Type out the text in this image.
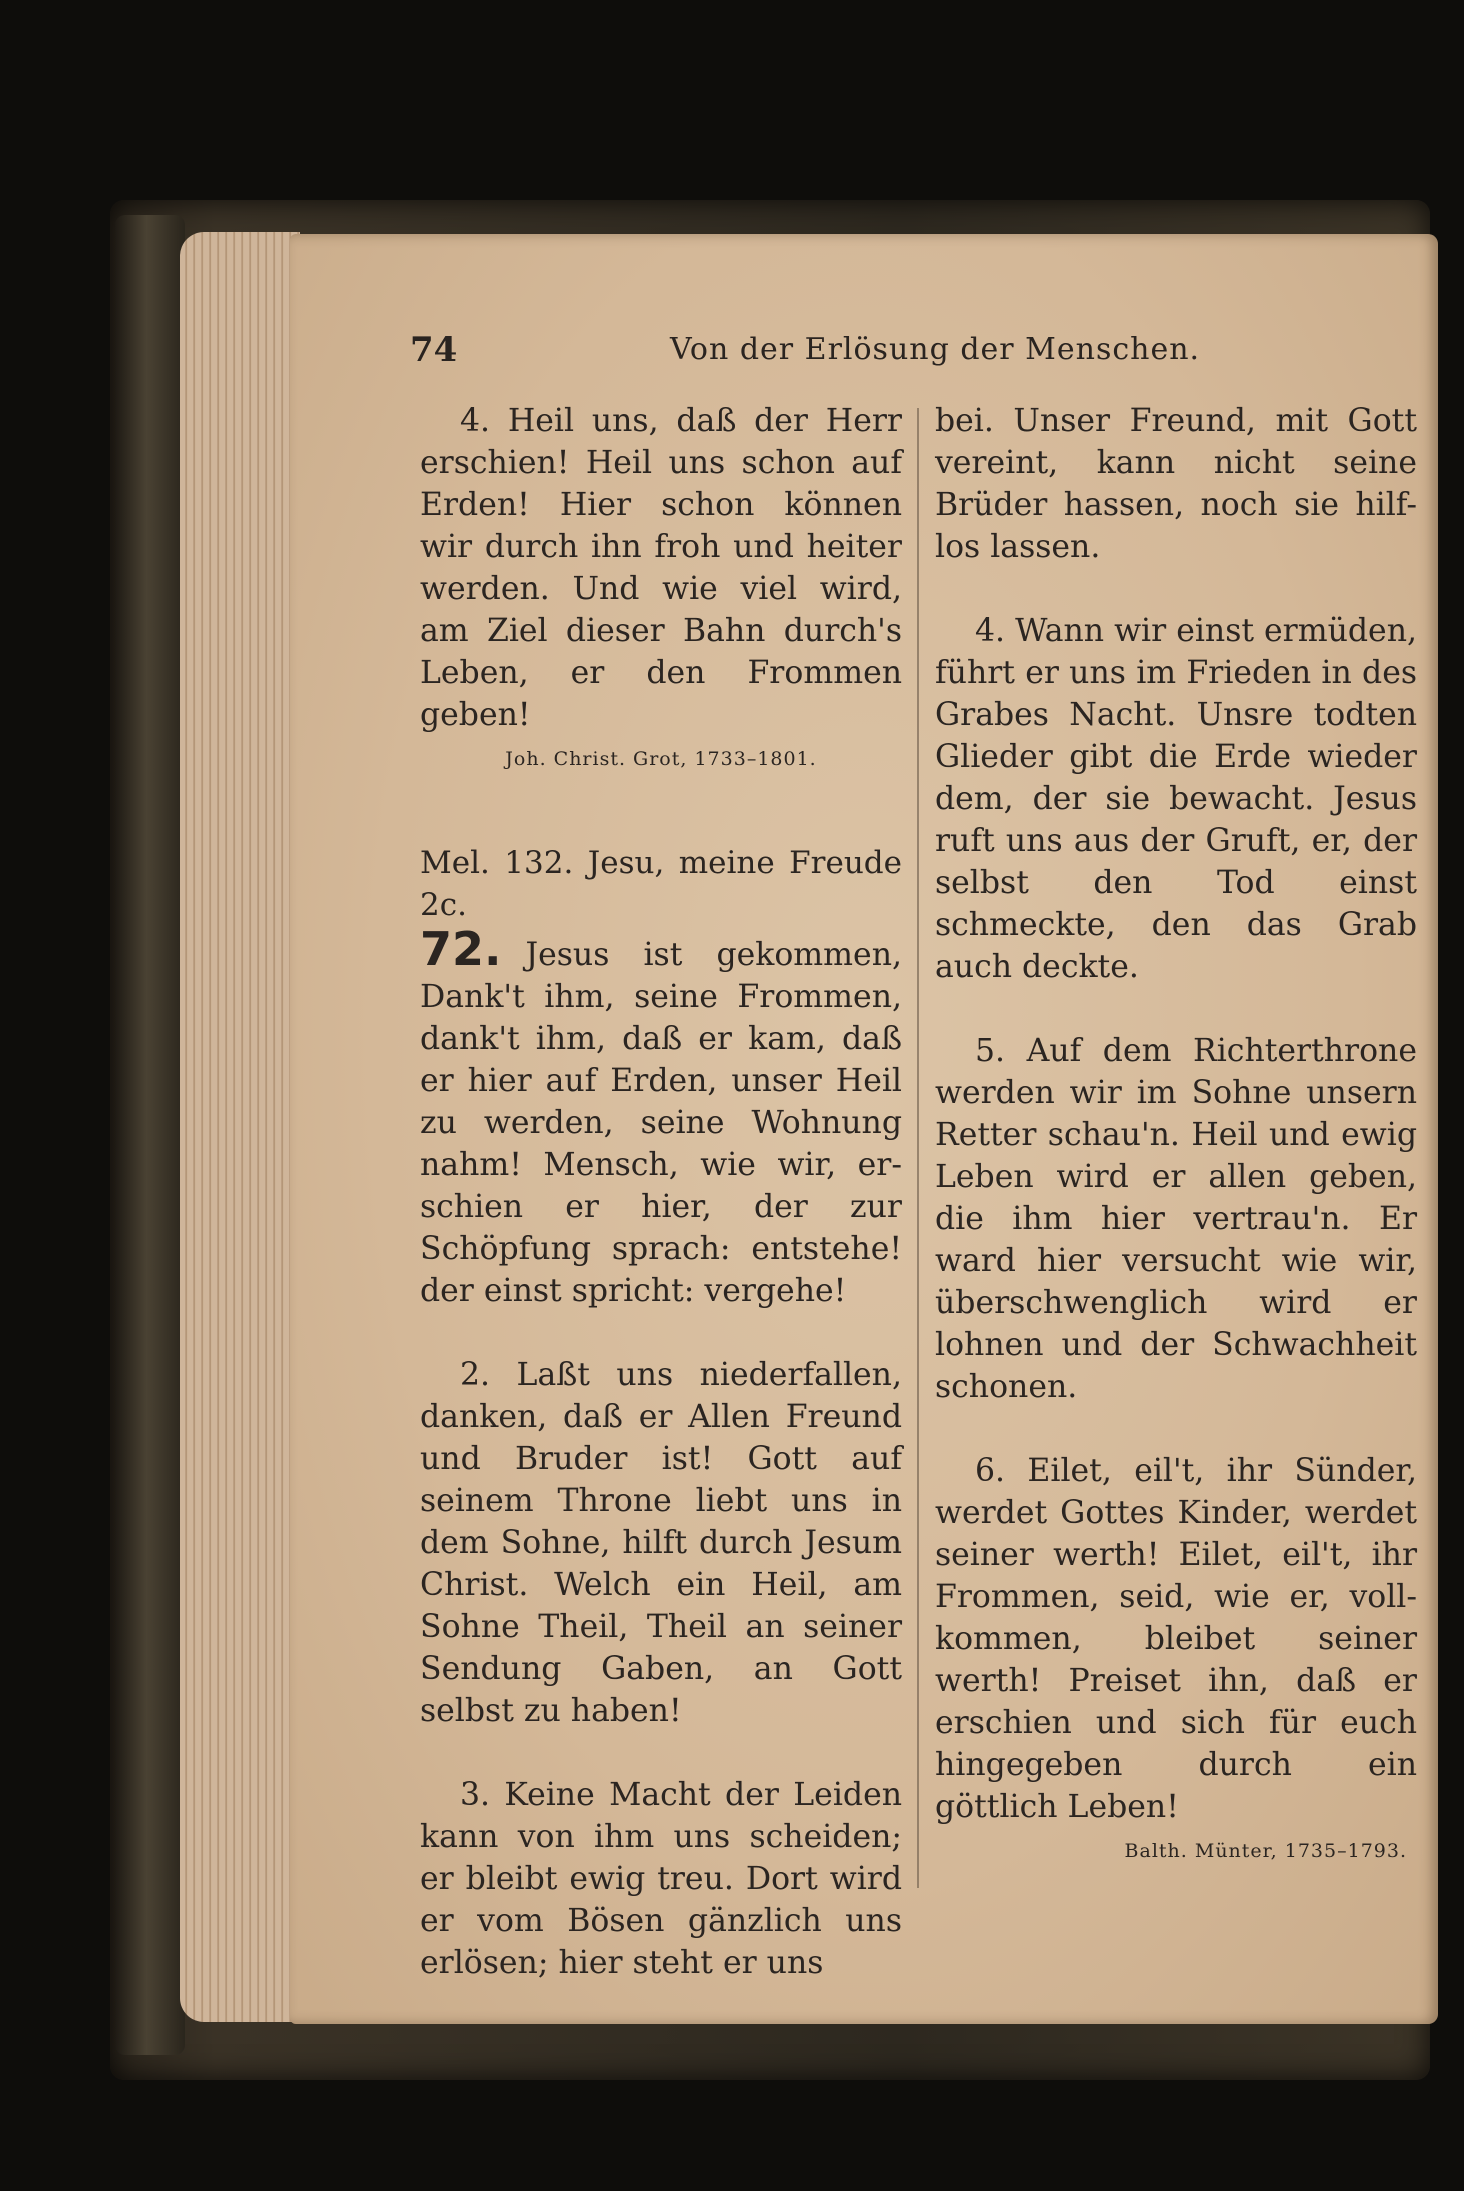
74	Von der Erlösung der Menschen.

4. Heil uns, daß der Herr erschien! Heil uns schon auf Erden! Hier schon können wir durch ihn froh und heiter werden. Und wie viel wird, am Ziel dieser Bahn durch's Leben, er den Frommen geben!

Joh. Christ. Grot, 1733–1801.

Mel. 132. Jesu, meine Freude 2c.

72. Jesus ist gekommen, Dank't ihm, seine Frommen, dank't ihm, daß er kam, daß er hier auf Erden, unser Heil zu werden, seine Wohnung nahm! Mensch, wie wir, er-schien er hier, der zur Schöpfung sprach: entstehe! der einst spricht: vergehe!

2. Laßt uns niederfallen, danken, daß er Allen Freund und Bruder ist! Gott auf seinem Throne liebt uns in dem Sohne, hilft durch Jesum Christ. Welch ein Heil, am Sohne Theil, Theil an seiner Sendung Gaben, an Gott selbst zu haben!

3. Keine Macht der Leiden kann von ihm uns scheiden; er bleibt ewig treu. Dort wird er vom Bösen gänzlich uns erlösen; hier steht er uns

bei. Unser Freund, mit Gott vereint, kann nicht seine Brüder hassen, noch sie hilf-los lassen.

4. Wann wir einst ermüden, führt er uns im Frieden in des Grabes Nacht. Unsre todten Glieder gibt die Erde wieder dem, der sie bewacht. Jesus ruft uns aus der Gruft, er, der selbst den Tod einst schmeckte, den das Grab auch deckte.

5. Auf dem Richterthrone werden wir im Sohne unsern Retter schau'n. Heil und ewig Leben wird er allen geben, die ihm hier vertrau'n. Er ward hier versucht wie wir, überschwenglich wird er lohnen und der Schwachheit schonen.

6. Eilet, eil't, ihr Sünder, werdet Gottes Kinder, werdet seiner werth! Eilet, eil't, ihr Frommen, seid, wie er, voll-kommen, bleibet seiner werth! Preiset ihn, daß er erschien und sich für euch hingegeben durch ein göttlich Leben!

Balth. Münter, 1735–1793.
